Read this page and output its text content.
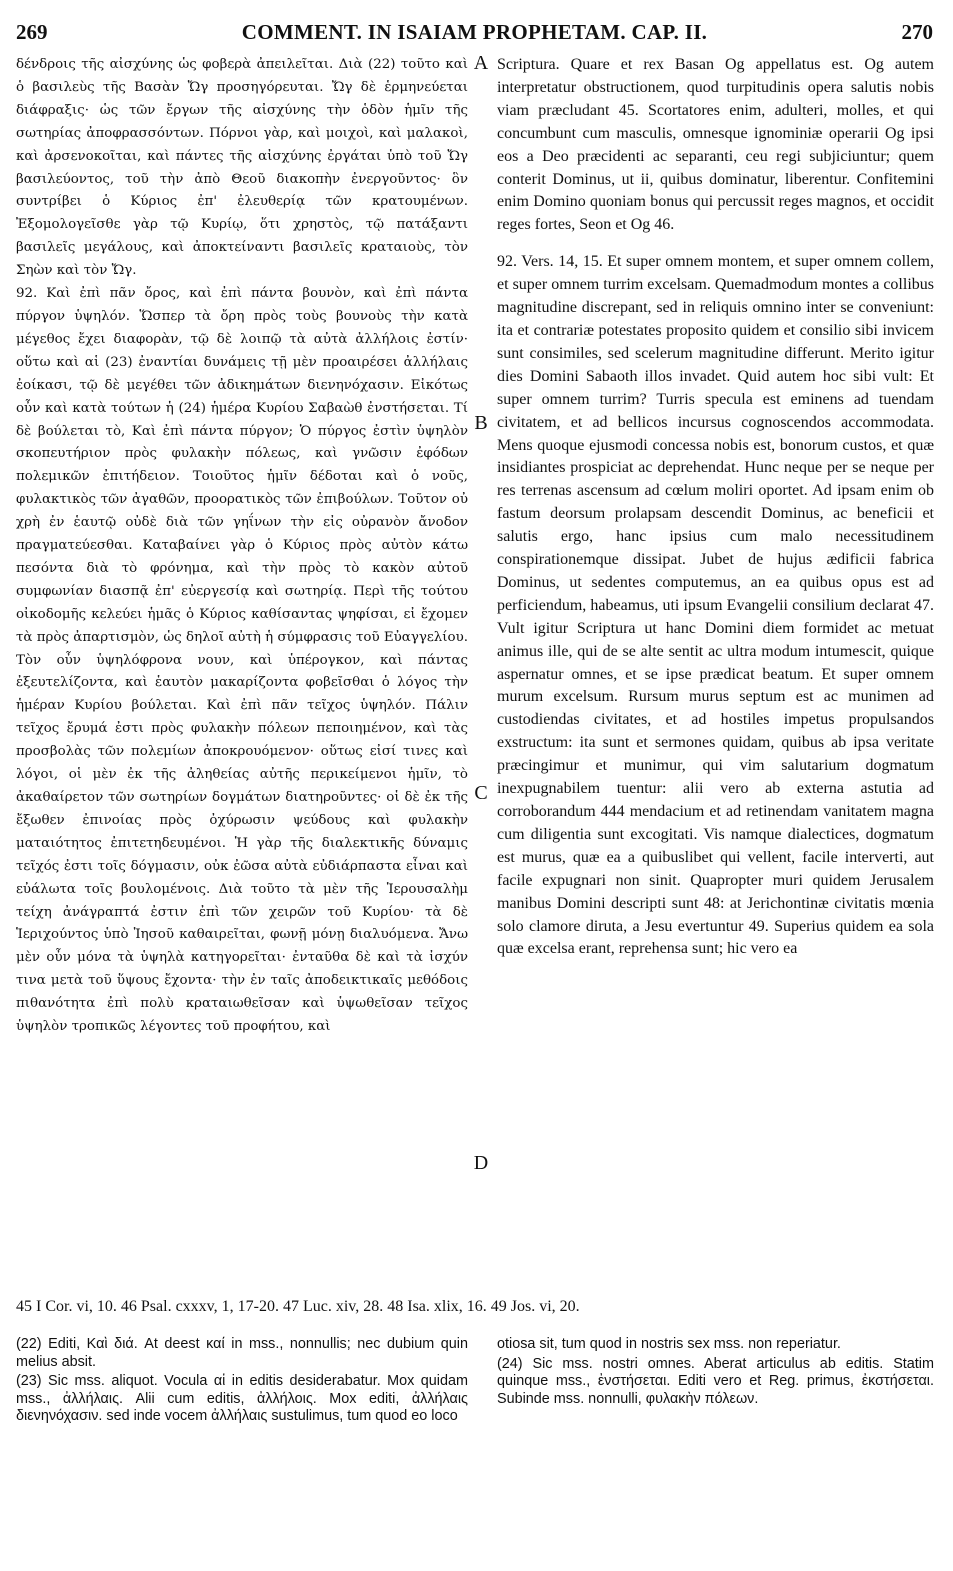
269	COMMENT. IN ISAIAM PROPHETAM. CAP. II.	270

δένδροις τῆς αἰσχύνης ὡς φοβερὰ ἀπειλεῖται. Διὰ (22) τοῦτο καὶ ὁ βασιλεὺς τῆς Βασὰν Ὤγ προσηγόρευται. Ὤγ δὲ ἑρμηνεύεται διάφραξις· ὡς τῶν ἔργων τῆς αἰσχύνης τὴν ὁδὸν ἡμῖν τῆς σωτηρίας ἀποφρασσόντων. Πόρνοι γὰρ, καὶ μοιχοὶ, καὶ μαλακοὶ, καὶ ἀρσενοκοῖται, καὶ πάντες τῆς αἰσχύνης ἐργάται ὑπὸ τοῦ Ὤγ βασιλεύοντος, τοῦ τὴν ἀπὸ Θεοῦ διακοπὴν ἐνεργοῦντος· ὃν συντρίβει ὁ Κύριος ἐπ' ἐλευθερίᾳ τῶν κρατουμένων. Ἐξομολογεῖσθε γὰρ τῷ Κυρίῳ, ὅτι χρηστὸς, τῷ πατάξαντι βασιλεῖς μεγάλους, καὶ ἀποκτείναντι βασιλεῖς κραταιοὺς, τὸν Σηὼν καὶ τὸν Ὤγ.

92. Καὶ ἐπὶ πᾶν ὄρος, καὶ ἐπὶ πάντα βουνὸν, καὶ ἐπὶ πάντα πύργον ὑψηλόν. Ὥσπερ τὰ ὄρη πρὸς τοὺς βουνοὺς τὴν κατὰ μέγεθος ἔχει διαφορὰν, τῷ δὲ λοιπῷ τὰ αὐτὰ ἀλλήλοις ἐστίν· οὕτω καὶ αἱ (23) ἐναντίαι δυνάμεις τῇ μὲν προαιρέσει ἀλλήλαις ἐοίκασι, τῷ δὲ μεγέθει τῶν ἀδικημάτων διενηνόχασιν. Εἰκότως οὖν καὶ κατὰ τούτων ἡ (24) ἡμέρα Κυρίου Σαβαὼθ ἐνστήσεται. Τί δὲ βούλεται τὸ, Καὶ ἐπὶ πάντα πύργον; Ὁ πύργος ἐστὶν ὑψηλὸν σκοπευτήριον πρὸς φυλακὴν πόλεως, καὶ γνῶσιν ἐφόδων πολεμικῶν ἐπιτήδειον. Τοιοῦτος ἡμῖν δέδοται καὶ ὁ νοῦς, φυλακτικὸς τῶν ἀγαθῶν, προορατικὸς τῶν ἐπιβούλων. Τοῦτον οὐ χρὴ ἐν ἑαυτῷ οὐδὲ διὰ τῶν γηΐνων τὴν εἰς οὐρανὸν ἄνοδον πραγματεύεσθαι. Καταβαίνει γὰρ ὁ Κύριος πρὸς αὐτὸν κάτω πεσόντα διὰ τὸ φρόνημα, καὶ τὴν πρὸς τὸ κακὸν αὐτοῦ συμφωνίαν διασπᾷ ἐπ' εὐεργεσίᾳ καὶ σωτηρίᾳ. Περὶ τῆς τούτου οἰκοδομῆς κελεύει ἡμᾶς ὁ Κύριος καθίσαντας ψηφίσαι, εἰ ἔχομεν τὰ πρὸς ἀπαρτισμὸν, ὡς δηλοῖ αὐτὴ ἡ σύμφρασις τοῦ Εὐαγγελίου. Τὸν οὖν ὑψηλόφρονα νουν, καὶ ὑπέρογκον, καὶ πάντας ἐξευτελίζοντα, καὶ ἑαυτὸν μακαρίζοντα φοβεῖσθαι ὁ λόγος τὴν ἡμέραν Κυρίου βούλεται. Καὶ ἐπὶ πᾶν τεῖχος ὑψηλόν. Πάλιν τεῖχος ἔρυμά ἐστι πρὸς φυλακὴν πόλεων πεποιημένον, καὶ τὰς προσβολὰς τῶν πολεμίων ἀποκρουόμενον· οὕτως εἰσί τινες καὶ λόγοι, οἱ μὲν ἐκ τῆς ἀληθείας αὐτῆς περικείμενοι ἡμῖν, τὸ ἀκαθαίρετον τῶν σωτηρίων δογμάτων διατηροῦντες· οἱ δὲ ἐκ τῆς ἔξωθεν ἐπινοίας πρὸς ὀχύρωσιν ψεύδους καὶ φυλακὴν ματαιότητος ἐπιτετηδευμένοι. Ἡ γὰρ τῆς διαλεκτικῆς δύναμις τεῖχός ἐστι τοῖς δόγμασιν, οὐκ ἐῶσα αὐτὰ εὐδιάρπαστα εἶναι καὶ εὐάλωτα τοῖς βουλομένοις. Διὰ τοῦτο τὰ μὲν τῆς Ἱερουσαλὴμ τείχη ἀνάγραπτά ἐστιν ἐπὶ τῶν χειρῶν τοῦ Κυρίου· τὰ δὲ Ἱεριχούντος ὑπὸ Ἰησοῦ καθαιρεῖται, φωνῇ μόνῃ διαλυόμενα. Ἄνω μὲν οὖν μόνα τὰ ὑψηλὰ κατηγορεῖται· ἐνταῦθα δὲ καὶ τὰ ἰσχύν τινα μετὰ τοῦ ὕψους ἔχοντα· τὴν ἐν ταῖς ἀποδεικτικαῖς μεθόδοις πιθανότητα ἐπὶ πολὺ κραταιωθεῖσαν καὶ ὑψωθεῖσαν τεῖχος ὑψηλὸν τροπικῶς λέγοντες τοῦ προφήτου, καὶ

A
B
C
D

Scriptura. Quare et rex Basan Og appellatus est. Og autem interpretatur obstructionem, quod turpitudinis opera salutis nobis viam præcludant 45. Scortatores enim, adulteri, molles, et qui concumbunt cum masculis, omnesque ignominiæ operarii Og ipsi eos a Deo præcidenti ac separanti, ceu regi subjiciuntur; quem conterit Dominus, ut ii, quibus dominatur, liberentur. Confitemini enim Domino quoniam bonus qui percussit reges magnos, et occidit reges fortes, Seon et Og 46.

92. Vers. 14, 15. Et super omnem montem, et super omnem collem, et super omnem turrim excelsam. Quemadmodum montes a collibus magnitudine discrepant, sed in reliquis omnino inter se conveniunt: ita et contrariæ potestates proposito quidem et consilio sibi invicem sunt consimiles, sed scelerum magnitudine differunt. Merito igitur dies Domini Sabaoth illos invadet. Quid autem hoc sibi vult: Et super omnem turrim? Turris specula est eminens ad tuendam civitatem, et ad bellicos incursus cognoscendos accommodata. Mens quoque ejusmodi concessa nobis est, bonorum custos, et quæ insidiantes prospiciat ac deprehendat. Hunc neque per se neque per res terrenas ascensum ad cœlum moliri oportet. Ad ipsam enim ob fastum deorsum prolapsam descendit Dominus, ac beneficii et salutis ergo, hanc ipsius cum malo necessitudinem conspirationemque dissipat. Jubet de hujus ædificii fabrica Dominus, ut sedentes computemus, an ea quibus opus est ad perficiendum, habeamus, uti ipsum Evangelii consilium declarat 47. Vult igitur Scriptura ut hanc Domini diem formidet ac metuat animus ille, qui de se alte sentit ac ultra modum intumescit, quique aspernatur omnes, et se ipse prædicat beatum. Et super omnem murum excelsum. Rursum murus septum est ac munimen ad custodiendas civitates, et ad hostiles impetus propulsandos exstructum: ita sunt et sermones quidam, quibus ab ipsa veritate præcingimur et munimur, qui vim salutarium dogmatum inexpugnabilem tuentur: alii vero ab externa astutia ad corroborandum 444 mendacium et ad retinendam vanitatem magna cum diligentia sunt excogitati. Vis namque dialectices, dogmatum est murus, quæ ea a quibuslibet qui vellent, facile interverti, aut facile expugnari non sinit. Quapropter muri quidem Jerusalem manibus Domini descripti sunt 48: at Jerichontinæ civitatis mœnia solo clamore diruta, a Jesu evertuntur 49. Superius quidem ea sola quæ excelsa erant, reprehensa sunt; hic vero ea

45 I Cor. vi, 10. 46 Psal. cxxxv, 1, 17-20. 47 Luc. xiv, 28. 48 Isa. xlix, 16. 49 Jos. vi, 20.

(22) Editi, Καὶ διά. At deest καί in mss., nonnullis; nec dubium quin melius absit.

(23) Sic mss. aliquot. Vocula αἱ in editis desiderabatur. Mox quidam mss., ἀλλήλαις. Alii cum editis, ἀλλήλοις. Mox editi, ἀλλήλαις διενηνόχασιν. sed inde vocem ἀλλήλαις sustulimus, tum quod eo loco

otiosa sit, tum quod in nostris sex mss. non reperiatur.

(24) Sic mss. nostri omnes. Aberat articulus ab editis. Statim quinque mss., ἐνστήσεται. Editi vero et Reg. primus, ἐκστήσεται. Subinde mss. nonnulli, φυλακὴν πόλεων.
